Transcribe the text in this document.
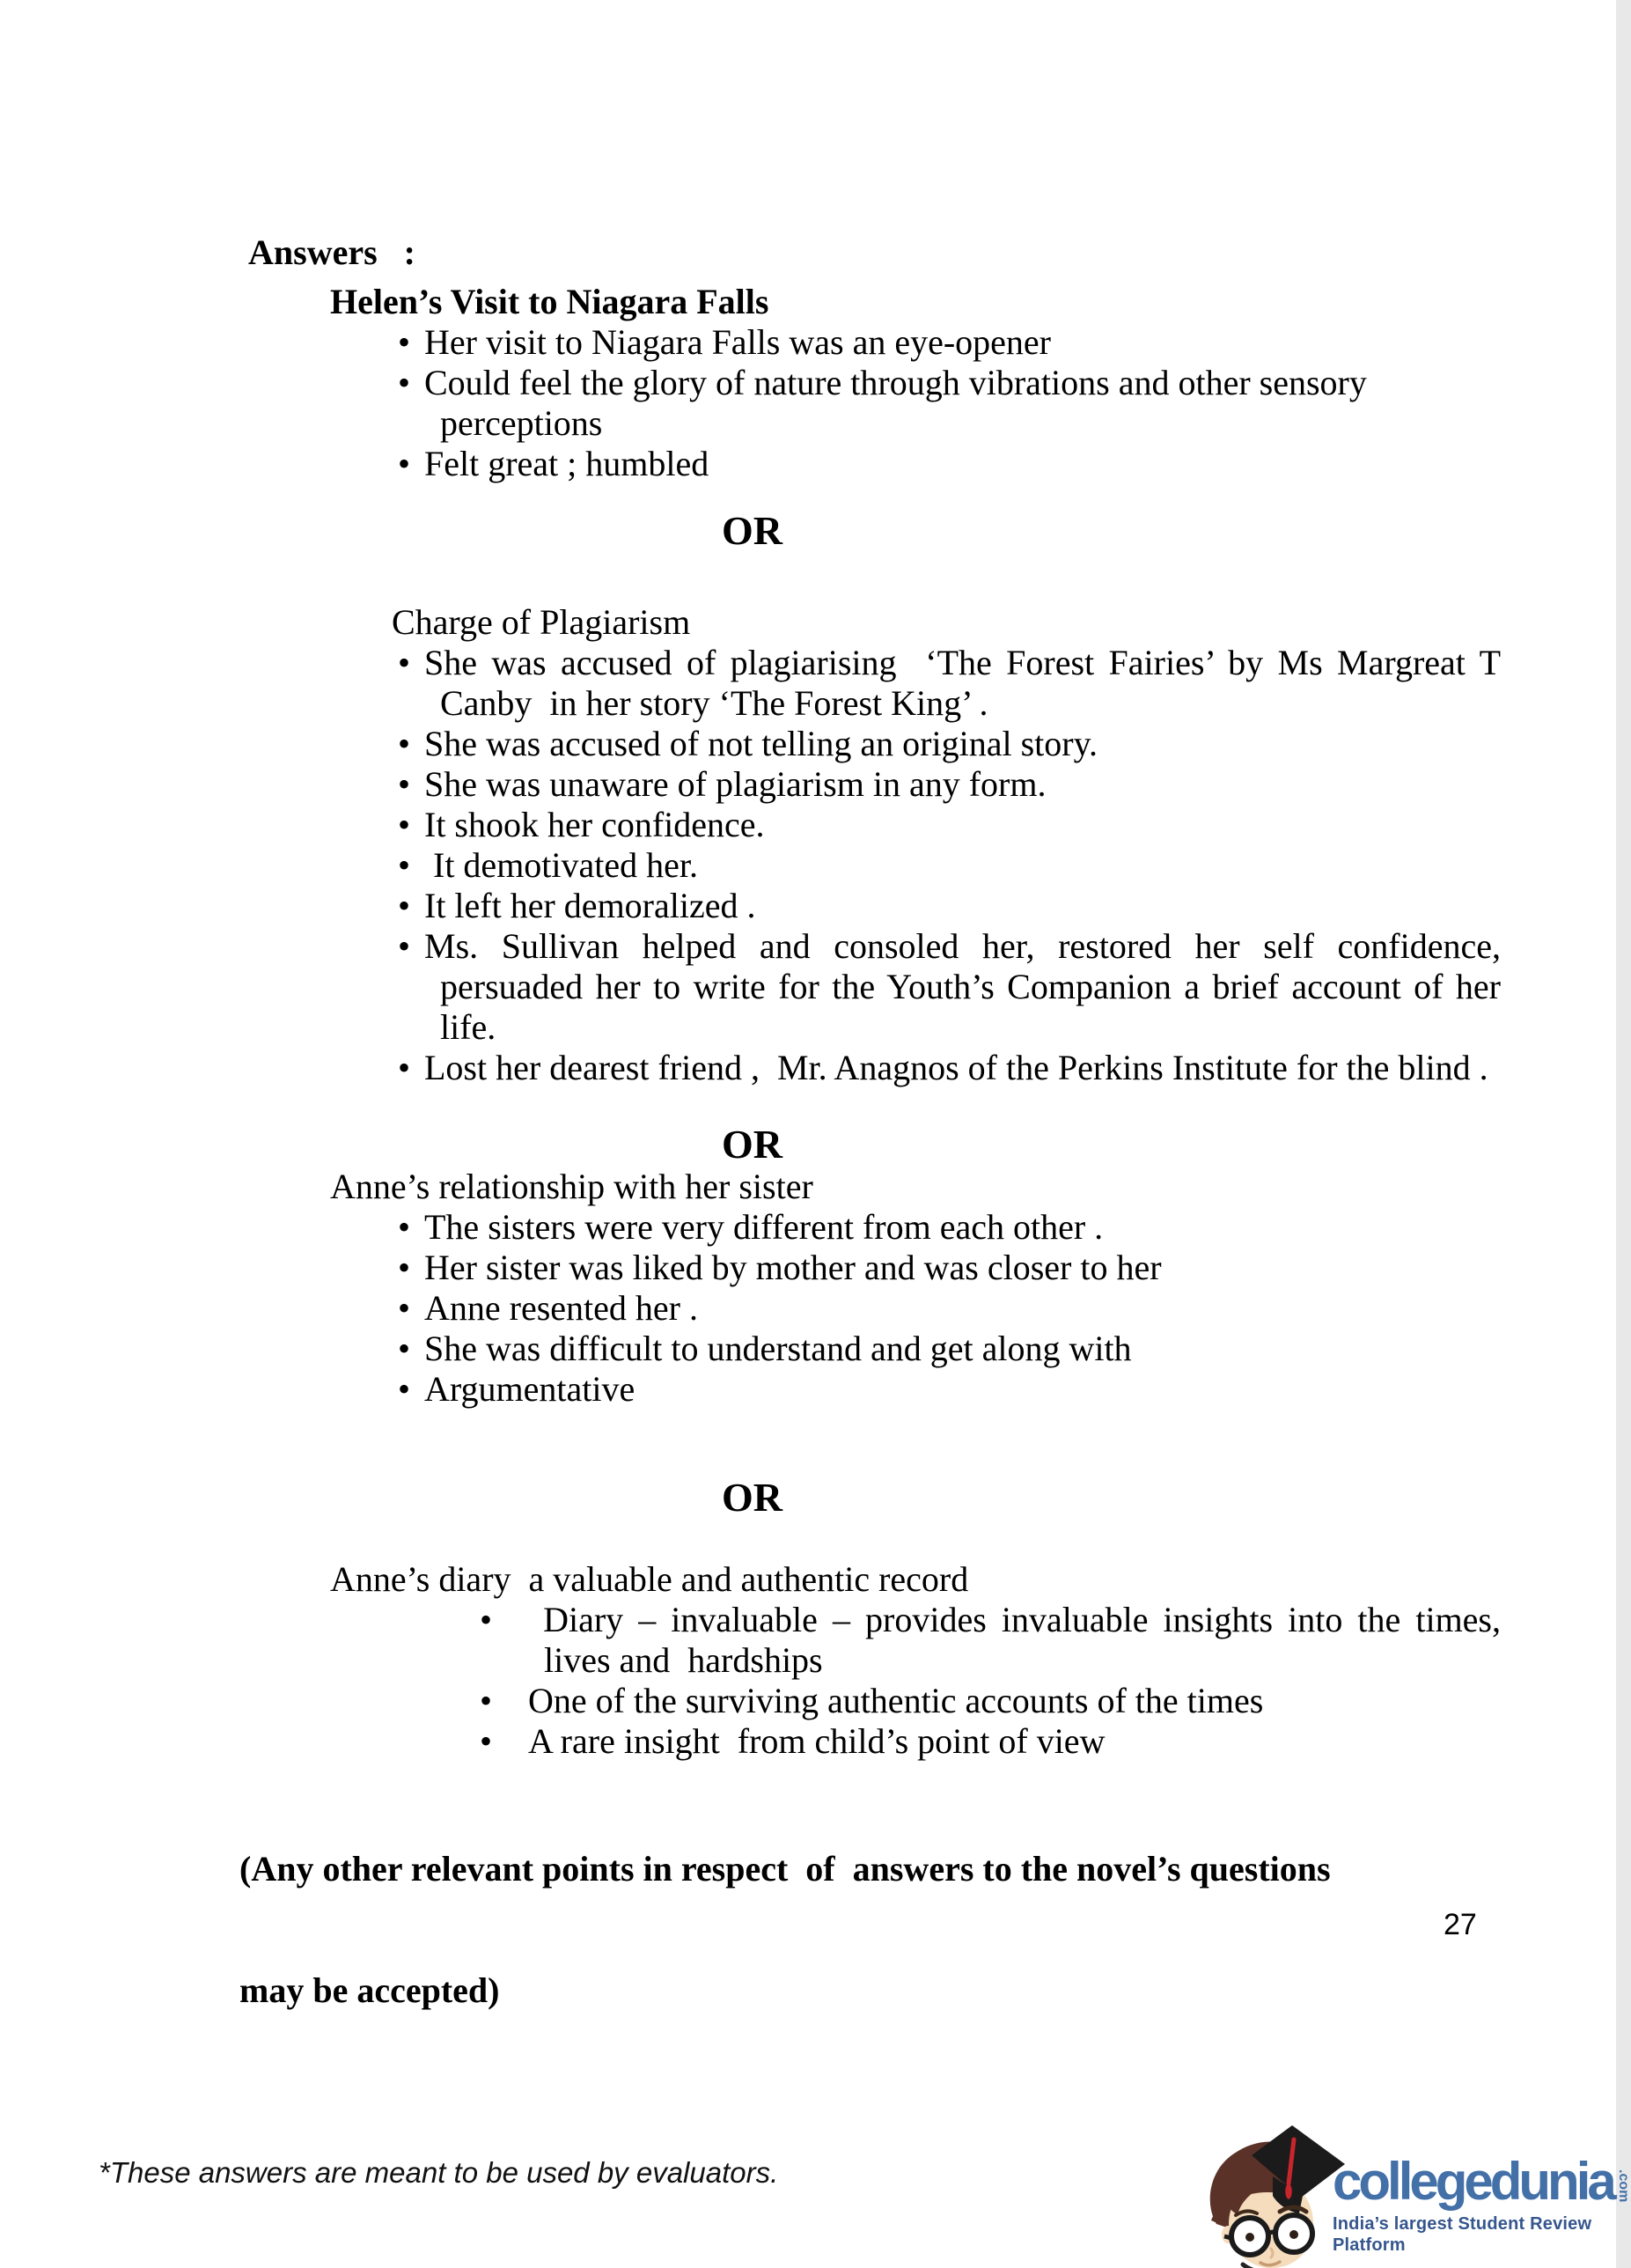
Answers   :
Helen’s Visit to Niagara Falls
• Her visit to Niagara Falls was an eye-opener
• Could feel the glory of nature through vibrations and other sensory perceptions
• Felt great ; humbled
OR
Charge of Plagiarism
• She was accused of plagiarising  ‘The Forest Fairies’ by Ms Margreat T Canby  in her story ‘The Forest King’ .
• She was accused of not telling an original story.
• She was unaware of plagiarism in any form.
• It shook her confidence.
•  It demotivated her.
• It left her demoralized .
• Ms. Sullivan helped and consoled her, restored her self confidence, persuaded her to write for the Youth’s Companion a brief account of her life.
• Lost her dearest friend ,  Mr. Anagnos of the Perkins Institute for the blind .
OR
Anne’s relationship with her sister
• The sisters were very different from each other .
• Her sister was liked by mother and was closer to her
• Anne resented her .
• She was difficult to understand and get along with
• Argumentative
OR
Anne’s diary  a valuable and authentic record
•  Diary – invaluable – provides invaluable insights into the times, lives and  hardships
• One of the surviving authentic accounts of the times
• A rare insight  from child’s point of view

(Any other relevant points in respect  of  answers to the novel’s questions

may be accepted)

27
*These answers are meant to be used by evaluators.	collegedunia .com
India’s largest Student Review Platform
